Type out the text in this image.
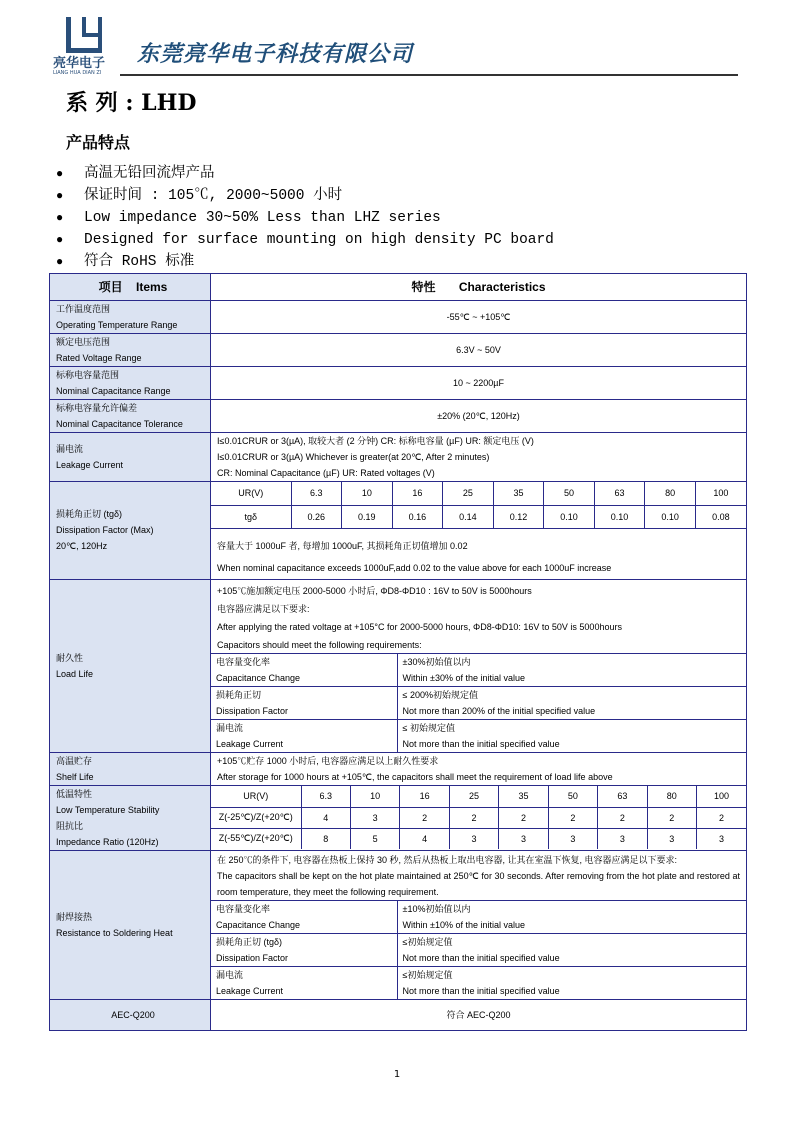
亮华电子
LIANG HUA DIAN ZI
东莞亮华电子科技有限公司
系 列 : LHD
产品特点
● 高温无铅回流焊产品
● 保证时间 : 105℃, 2000~5000 小时
● Low impedance 30~50% Less than LHZ series
● Designed for surface mounting on high density PC board
● 符合 RoHS 标准
项目 Items	特性 Characteristics

工作温度范围
Operating Temperature Range
	-55℃ ~ +105℃

额定电压范围
Rated Voltage Range
	6.3V ~ 50V

标称电容量范围
Nominal Capacitance Range
	10 ~ 2200µF

标称电容量允许偏差
Nominal Capacitance Tolerance
	±20% (20℃, 120Hz)

漏电流
Leakage Current

I≤0.01CRUR or 3(µA), 取较大者 (2 分钟) CR: 标称电容量 (µF) UR: 额定电压 (V)
I≤0.01CRUR or 3(µA) Whichever is greater(at 20℃, After 2 minutes)
CR: Nominal Capacitance (µF) UR: Rated voltages (V)

损耗角正切 (tgδ)
Dissipation Factor (Max)
20℃, 120Hz

UR(V)	6.3	10	16	25	35	50	63	80	100
tgδ	0.26	0.19	0.16	0.14	0.12	0.10	0.10	0.10	0.08
容量大于 1000uF 者, 每增加 1000uF, 其损耗角正切值增加 0.02
When nominal capacitance exceeds 1000uF,add 0.02 to the value above for each 1000uF increase

耐久性
Load Life

+105℃施加额定电压 2000-5000 小时后, ΦD8-ΦD10 : 16V to 50V is 5000hours
电容器应满足以下要求:
After applying the rated voltage at +105°C for 2000-5000 hours, ΦD8-ΦD10: 16V to 50V is 5000hours
Capacitors should meet the following requirements:
电容量变化率
Capacitance Change

±30%初始值以内
Within ±30% of the initial value

损耗角正切
Dissipation Factor

≤ 200%初始规定值
Not more than 200% of the initial specified value

漏电流
Leakage Current

≤ 初始规定值
Not more than the initial specified value

高温贮存
Shelf Life

+105℃贮存 1000 小时后, 电容器应满足以上耐久性要求
After storage for 1000 hours at +105℃, the capacitors shall meet the requirement of load life above

低温特性
Low Temperature Stability
阻抗比
Impedance Ratio (120Hz)

UR(V)	6.3	10	16	25	35	50	63	80	100
Z(-25℃)/Z(+20℃)	4	3	2	2	2	2	2	2	2
Z(-55℃)/Z(+20℃)	8	5	4	3	3	3	3	3	3

耐焊接热
Resistance to Soldering Heat

在 250℃的条件下, 电容器在热板上保持 30 秒, 然后从热板上取出电容器, 让其在室温下恢复, 电容器应满足以下要求:
The capacitors shall be kept on the hot plate maintained at 250℃ for 30 seconds. After removing from the hot plate and restored at room temperature, they meet the following requirement.
电容量变化率
Capacitance Change

±10%初始值以内
Within ±10% of the initial value

损耗角正切 (tgδ)
Dissipation Factor

≤初始规定值
Not more than the initial specified value

漏电流
Leakage Current

≤初始规定值
Not more than the initial specified value

AEC-Q200	符合 AEC-Q200
1
